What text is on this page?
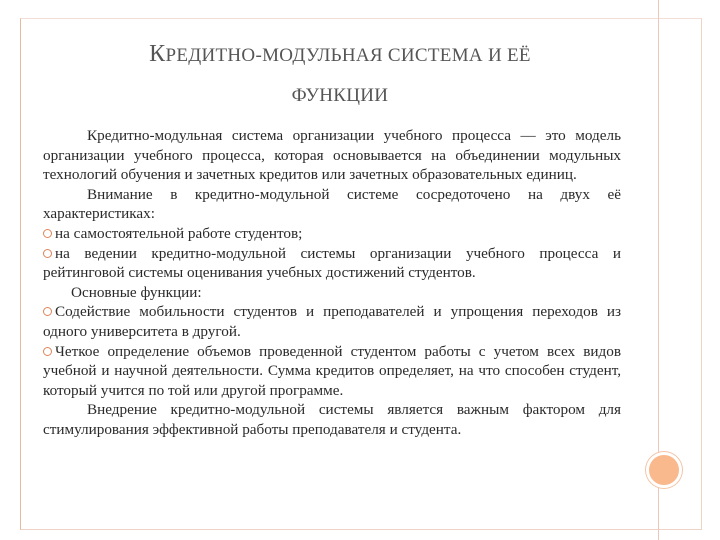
КРЕДИТНО-МОДУЛЬНАЯ СИСТЕМА И ЕЁ
ФУНКЦИИ

Кредитно-модульная система организации учебного процесса — это модель организации учебного процесса, которая основывается на объединении модульных технологий обучения и зачетных кредитов или зачетных образовательных единиц.

Внимание в кредитно-модульной системе сосредоточено на двух её характеристиках:

на самостоятельной работе студентов;

на ведении кредитно-модульной системы организации учебного процесса и рейтинговой системы оценивания учебных достижений студентов.

Основные функции:

Содействие мобильности студентов и преподавателей и упрощения переходов из одного университета в другой.

Четкое определение объемов проведенной студентом работы с учетом всех видов учебной и научной деятельности. Сумма кредитов определяет, на что способен студент, который учится по той или другой программе.

Внедрение кредитно-модульной системы является важным фактором для стимулирования эффективной работы преподавателя и студента.
